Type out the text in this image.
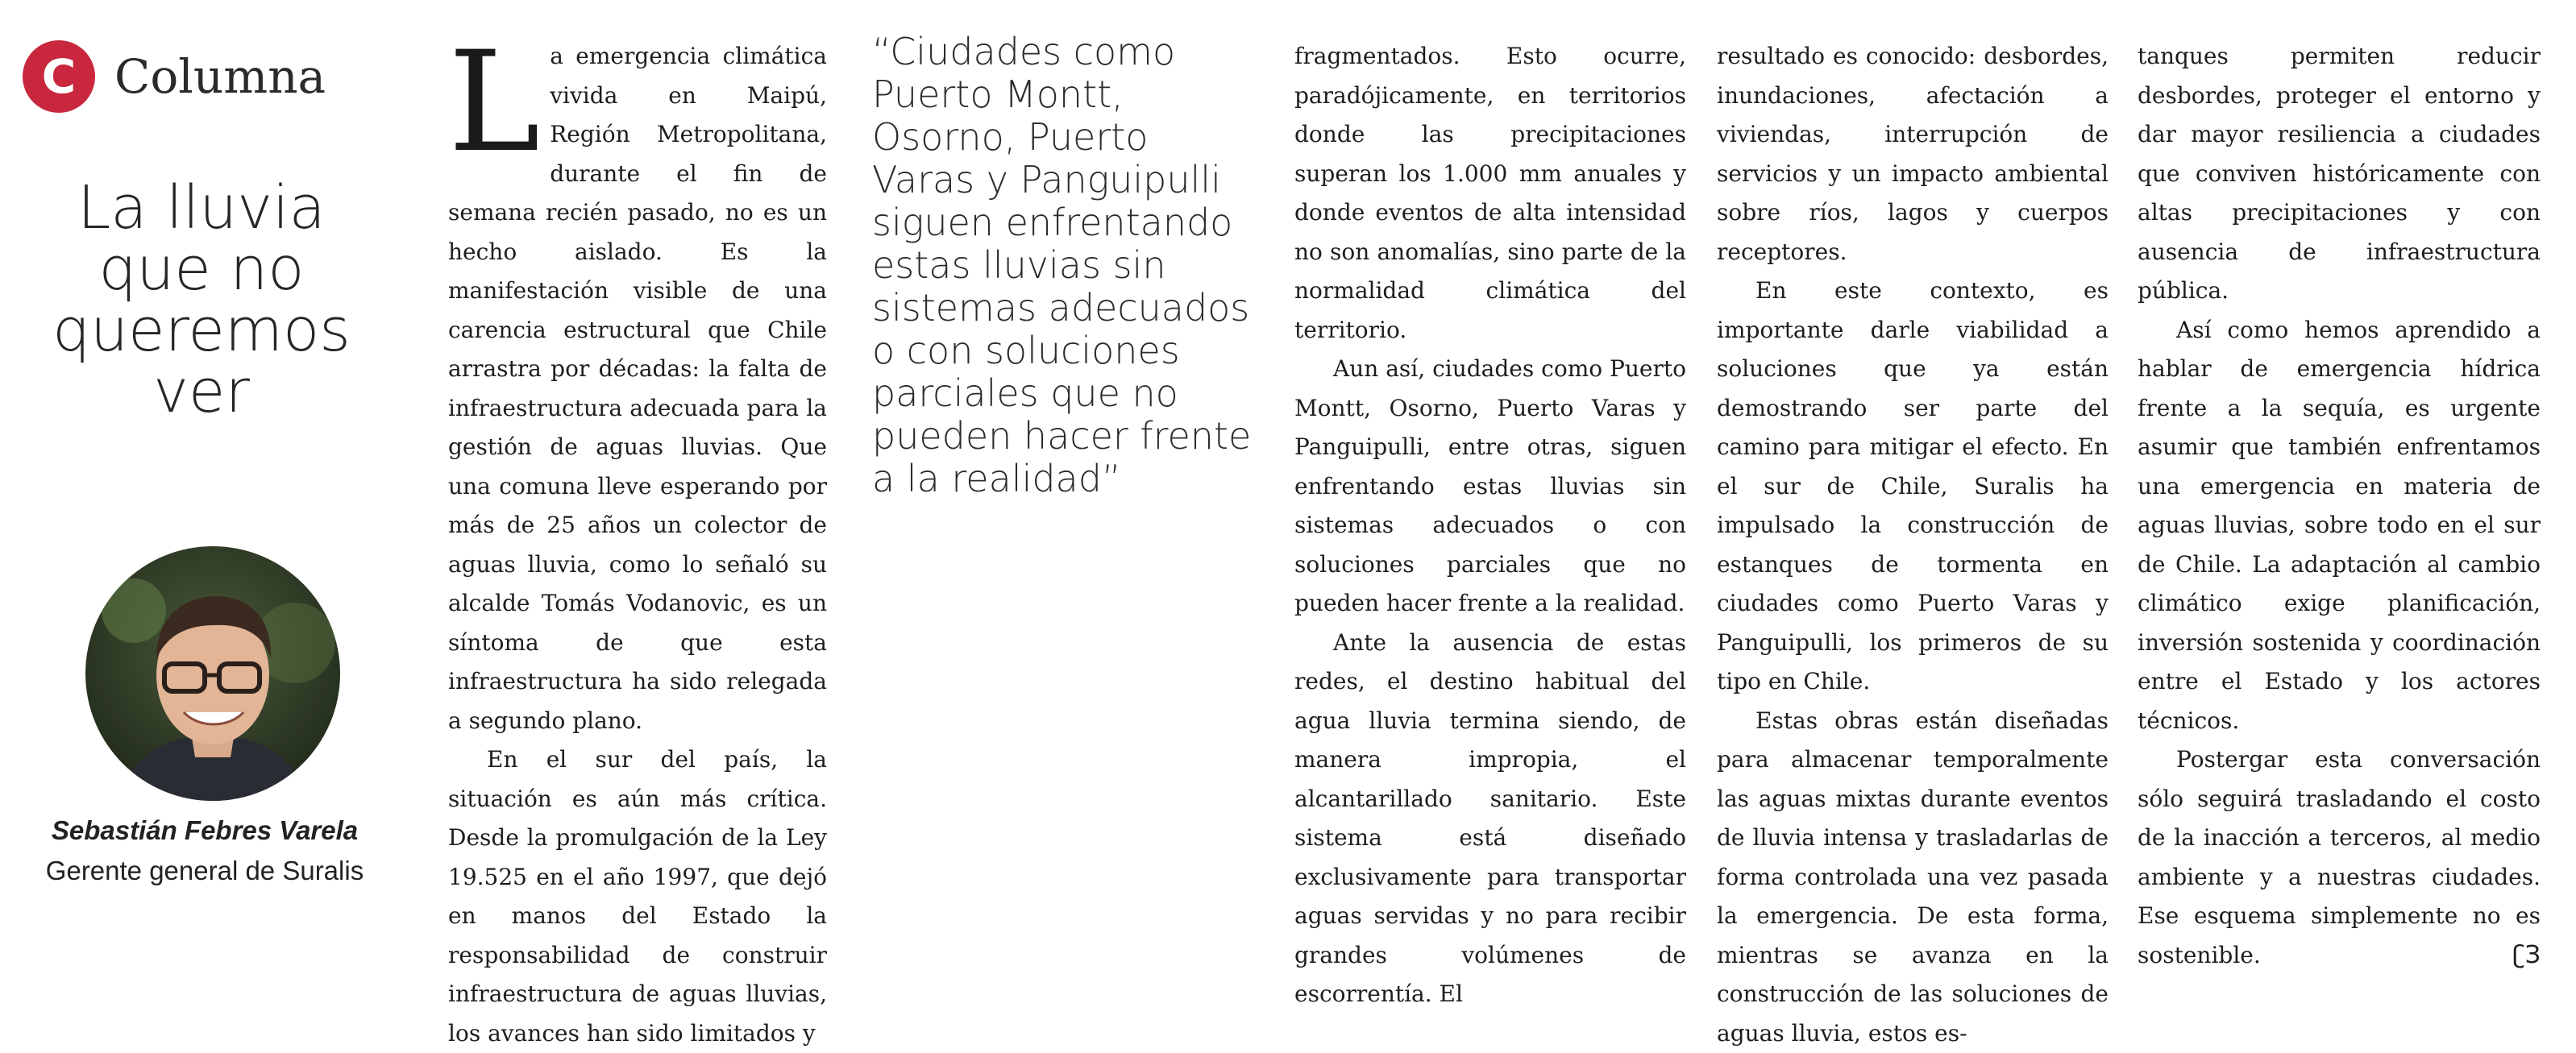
C Columna
La lluvia
que no
queremos
ver
Sebastián Febres Varela
Gerente general de Suralis

La emergencia climática vivida en Maipú, Región Metropolitana, durante el fin de semana recién pasado, no es un hecho aislado. Es la manifestación visible de una carencia estructural que Chile arrastra por décadas: la falta de infraestructura adecuada para la gestión de aguas lluvias. Que una comuna lleve esperando por más de 25 años un colector de aguas lluvia, como lo señaló su alcalde Tomás Vodanovic, es un síntoma de que esta infraestructura ha sido relegada a segundo plano.

En el sur del país, la situación es aún más crítica. Desde la promulgación de la Ley 19.525 en el año 1997, que dejó en manos del Estado la responsabilidad de construir infraestructura de aguas lluvias, los avances han sido limitados y

“Ciudades como Puerto Montt, Osorno, Puerto Varas y Panguipulli siguen enfrentando estas lluvias sin sistemas adecuados o con soluciones parciales que no pueden hacer frente a la realidad”

fragmentados. Esto ocurre, paradójicamente, en territorios donde las precipitaciones superan los 1.000 mm anuales y donde eventos de alta intensidad no son anomalías, sino parte de la normalidad climática del territorio.

Aun así, ciudades como Puerto Montt, Osorno, Puerto Varas y Panguipulli, entre otras, siguen enfrentando estas lluvias sin sistemas adecuados o con soluciones parciales que no pueden hacer frente a la realidad.

Ante la ausencia de estas redes, el destino habitual del agua lluvia termina siendo, de manera impropia, el alcantarillado sanitario. Este sistema está diseñado exclusivamente para transportar aguas servidas y no para recibir grandes volúmenes de escorrentía. El

resultado es conocido: desbordes, inundaciones, afectación a viviendas, interrupción de servicios y un impacto ambiental sobre ríos, lagos y cuerpos receptores.

En este contexto, es importante darle viabilidad a soluciones que ya están demostrando ser parte del camino para mitigar el efecto. En el sur de Chile, Suralis ha impulsado la construcción de estanques de tormenta en ciudades como Puerto Varas y Panguipulli, los primeros de su tipo en Chile.

Estas obras están diseñadas para almacenar temporalmente las aguas mixtas durante eventos de lluvia intensa y trasladarlas de forma controlada una vez pasada la emergencia. De esta forma, mientras se avanza en la construcción de las soluciones de aguas lluvia, estos es-

tanques permiten reducir desbordes, proteger el entorno y dar mayor resiliencia a ciudades que conviven históricamente con altas precipitaciones y con ausencia de infraestructura pública.

Así como hemos aprendido a hablar de emergencia hídrica frente a la sequía, es urgente asumir que también enfrentamos una emergencia en materia de aguas lluvias, sobre todo en el sur de Chile. La adaptación al cambio climático exige planificación, inversión sostenida y coordinación entre el Estado y los actores técnicos.

Postergar esta conversación sólo seguirá trasladando el costo de la inacción a terceros, al medio ambiente y a nuestras ciudades. Ese esquema simplemente no es sostenible.	ʗЗ
